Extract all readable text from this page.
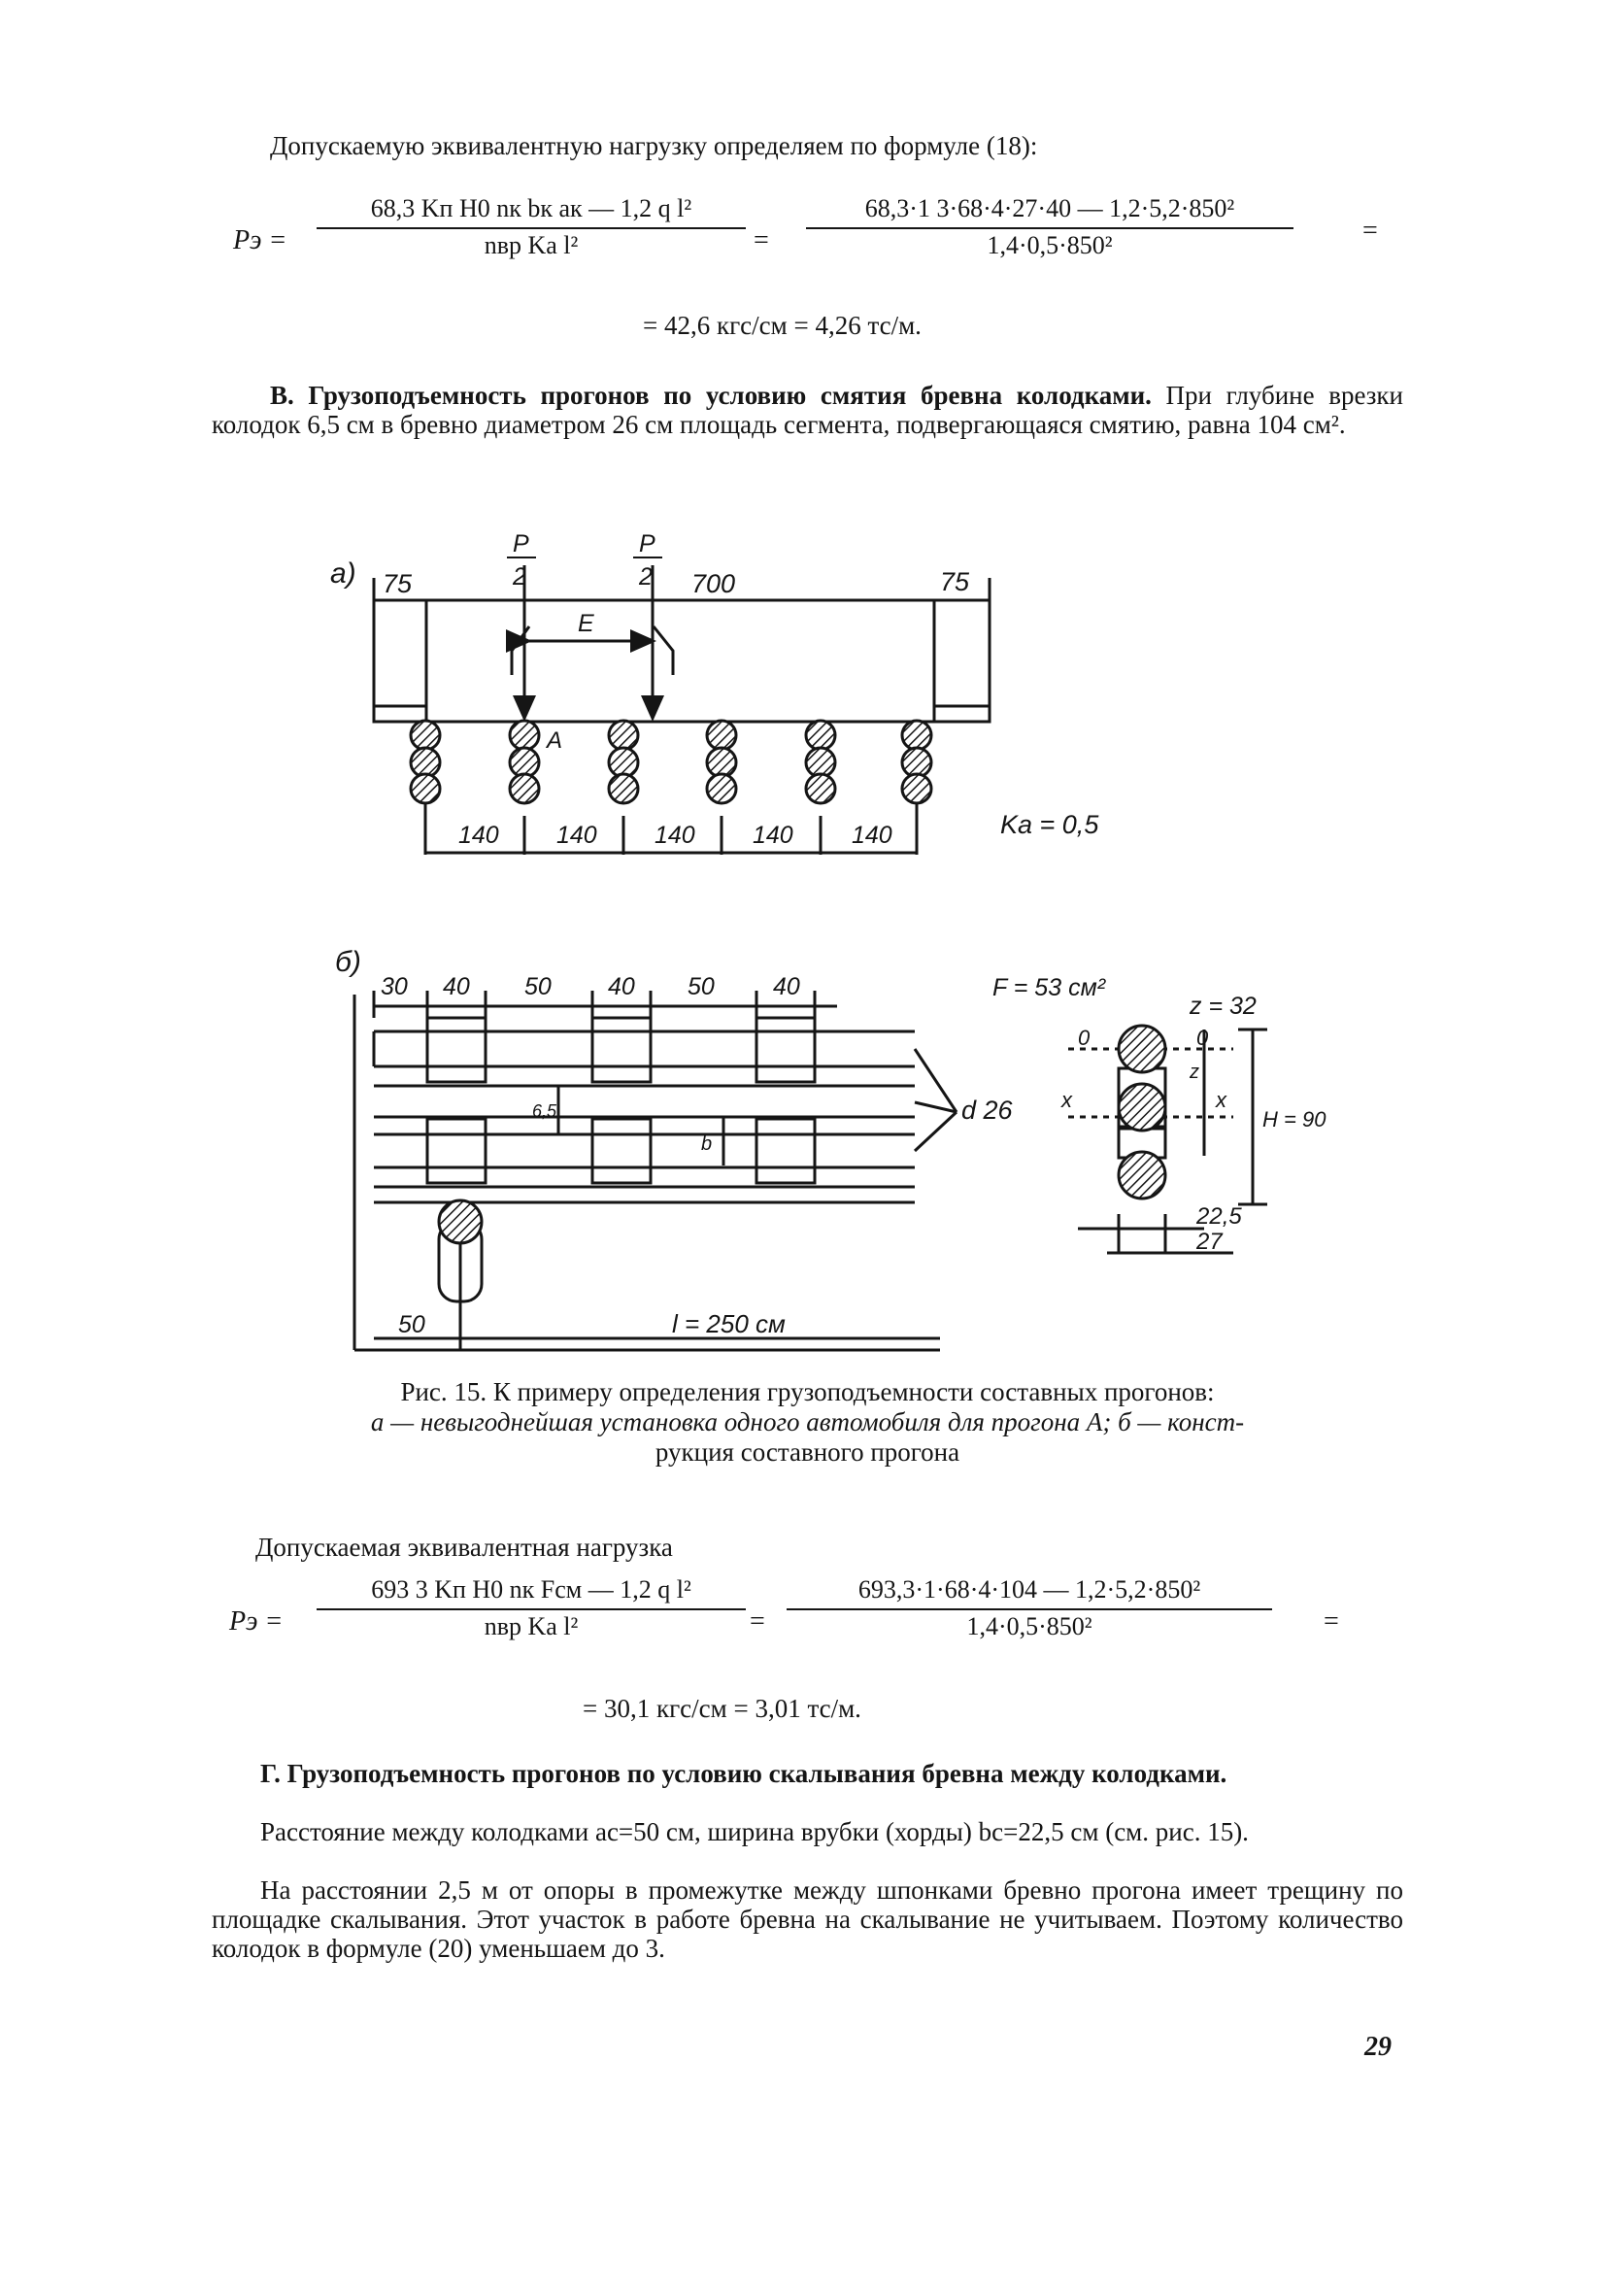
Допускаемую эквивалентную нагрузку определяем по формуле (18):
Pэ =
68,3 Kп H0 nк bк aк — 1,2 q l²
nвр Ka l²	=
68,3·1 3·68·4·27·40 — 1,2·5,2·850²
1,4·0,5·850²	=
= 42,6 кгс/см = 4,26 тс/м.
В. Грузоподъемность прогонов по условию смятия бревна колодками. При глубине врезки колодок 6,5 см в бревно диаметром 26 см площадь сегмента, подвергающаяся смятию, равна 104 см².
а) 75	700	75
P
2
P
2
E
A
140 140 140 140 140	Kа = 0,5
б)
30 40 50 40 50 40
6,5
b
d 26
50	l = 250 см
F = 53 см²
z = 32
0	0
x	x
z
H = 90
22,5
27
Рис. 15. К примеру определения грузоподъемности составных прогонов:
а — невыгоднейшая установка одного автомобиля для прогона А; б — конст-
рукция составного прогона
Допускаемая эквивалентная нагрузка
Pэ =
693 3 Kп H0 nк Fсм — 1,2 q l²
nвр Ka l²	=
693,3·1·68·4·104 — 1,2·5,2·850²
1,4·0,5·850²	=
= 30,1 кгс/см = 3,01 тс/м.
Г. Грузоподъемность прогонов по условию скалывания бревна между колодками.
Расстояние между колодками ac=50 см, ширина врубки (хорды) bc=22,5 см (см. рис. 15).
На расстоянии 2,5 м от опоры в промежутке между шпонками бревно прогона имеет трещину по площадке скалывания. Этот участок в работе бревна на скалывание не учитываем. Поэтому количество колодок в формуле (20) уменьшаем до 3.
29
